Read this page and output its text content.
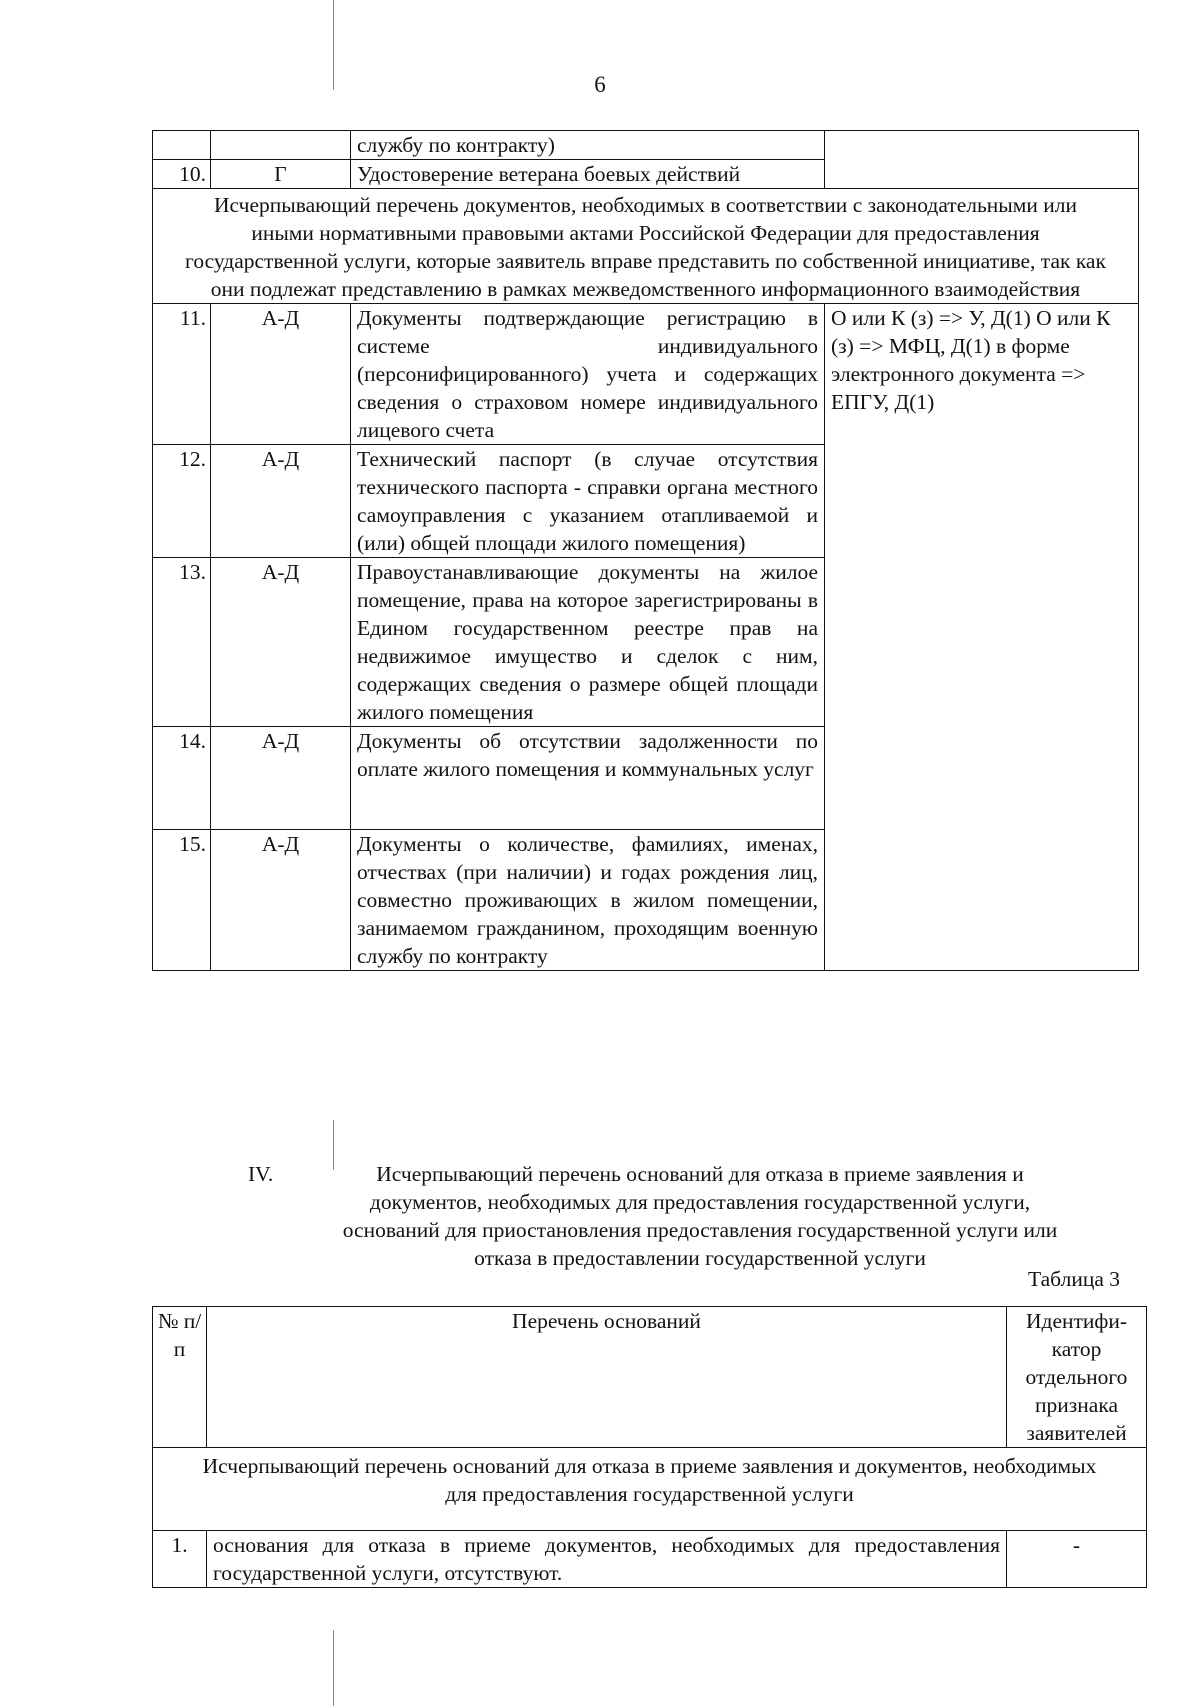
6
		службу по контракту)	
10.	Г	Удостоверение ветерана боевых действий	
Исчерпывающий перечень документов, необходимых в соответствии с законодательными или иными нормативными правовыми актами Российской Федерации для предоставления государственной услуги, которые заявитель вправе представить по собственной инициативе, так как они подлежат представлению в рамках межведомственного информационного взаимодействия			
11.	А-Д	Документы подтверждающие регистрацию в системе индивидуального (персонифицированного) учета и содержащих сведения о страховом номере индивидуального лицевого счета	О или К (з) => У, Д(1) О или К (з) => МФЦ, Д(1) в форме электронного документа => ЕПГУ, Д(1)
12.	А-Д	Технический паспорт (в случае отсутствия технического паспорта - справки органа местного самоуправления с указанием отапливаемой и (или) общей площади жилого помещения)	
13.	А-Д	Правоустанавливающие документы на жилое помещение, права на которое зарегистрированы в Едином государственном реестре прав на недвижимое имущество и сделок с ним, содержащих сведения о размере общей площади жилого помещения	
14.	А-Д	Документы об отсутствии задолженности по оплате жилого помещения и коммунальных услуг	
15.	А-Д	Документы о количестве, фамилиях, именах, отчествах (при наличии) и годах рождения лиц, совместно проживающих в жилом помещении, занимаемом гражданином, проходящим военную службу по контракту	
IV.	Исчерпывающий перечень оснований для отказа в приеме заявления и документов, необходимых для предоставления государственной услуги, оснований для приостановления предоставления государственной услуги или отказа в предоставлении государственной услуги
Таблица 3
№ п/п	Перечень оснований	Идентифи- катор отдельного признака заявителей
Исчерпывающий перечень оснований для отказа в приеме заявления и документов, необходимых для предоставления государственной услуги		
1.	основания для отказа в приеме документов, необходимых для предоставления государственной услуги, отсутствуют.	-
